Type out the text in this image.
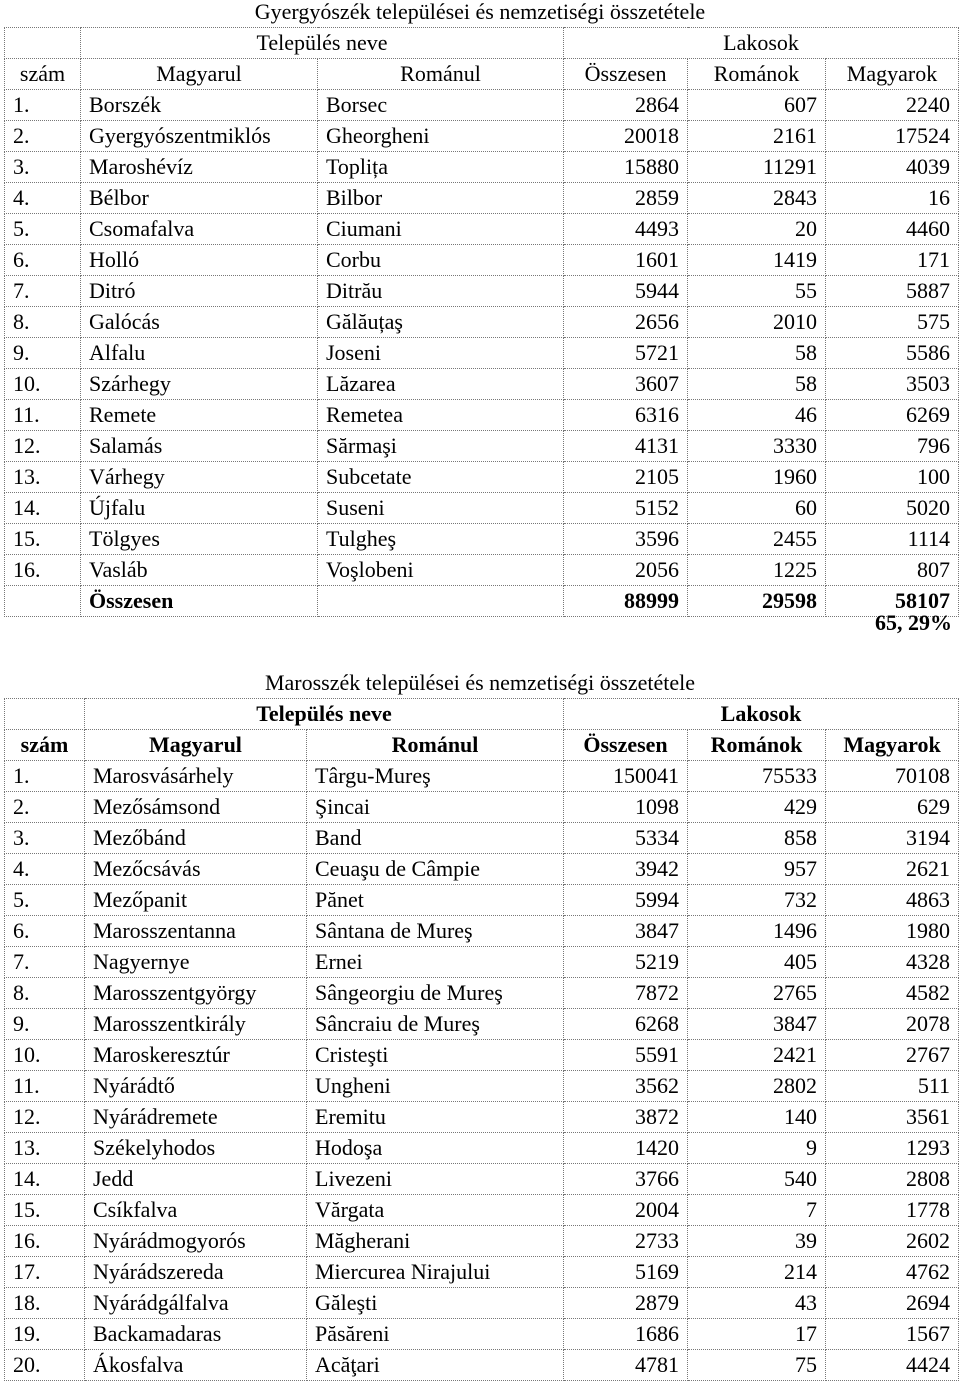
Gyergyószék települései és nemzetiségi összetétele
	Település neve		Lakosok		
szám	Magyarul	Románul	Összesen	Románok	Magyarok
1.	Borszék	Borsec	2864	607	2240
2.	Gyergyószentmiklós	Gheorgheni	20018	2161	17524
3.	Maroshévíz	Toplița	15880	11291	4039
4.	Bélbor	Bilbor	2859	2843	16
5.	Csomafalva	Ciumani	4493	20	4460
6.	Holló	Corbu	1601	1419	171
7.	Ditró	Ditrău	5944	55	5887
8.	Galócás	Gălăuțaş	2656	2010	575
9.	Alfalu	Joseni	5721	58	5586
10.	Szárhegy	Lăzarea	3607	58	3503
11.	Remete	Remetea	6316	46	6269
12.	Salamás	Sărmaşi	4131	3330	796
13.	Várhegy	Subcetate	2105	1960	100
14.	Újfalu	Suseni	5152	60	5020
15.	Tölgyes	Tulgheş	3596	2455	1114
16.	Vasláb	Voşlobeni	2056	1225	807
	Összesen		88999	29598	58107
65, 29%
Marosszék települései és nemzetiségi összetétele
	Település neve		Lakosok		
szám	Magyarul	Románul	Összesen	Románok	Magyarok
1.	Marosvásárhely	Târgu-Mureş	150041	75533	70108
2.	Mezősámsond	Şincai	1098	429	629
3.	Mezőbánd	Band	5334	858	3194
4.	Mezőcsávás	Ceuaşu de Câmpie	3942	957	2621
5.	Mezőpanit	Pănet	5994	732	4863
6.	Marosszentanna	Sântana de Mureş	3847	1496	1980
7.	Nagyernye	Ernei	5219	405	4328
8.	Marosszentgyörgy	Sângeorgiu de Mureş	7872	2765	4582
9.	Marosszentkirály	Sâncraiu de Mureş	6268	3847	2078
10.	Maroskeresztúr	Cristeşti	5591	2421	2767
11.	Nyárádtő	Ungheni	3562	2802	511
12.	Nyárádremete	Eremitu	3872	140	3561
13.	Székelyhodos	Hodoşa	1420	9	1293
14.	Jedd	Livezeni	3766	540	2808
15.	Csíkfalva	Vărgata	2004	7	1778
16.	Nyárádmogyorós	Măgherani	2733	39	2602
17.	Nyárádszereda	Miercurea Nirajului	5169	214	4762
18.	Nyárádgálfalva	Găleşti	2879	43	2694
19.	Backamadaras	Păsăreni	1686	17	1567
20.	Ákosfalva	Acăţari	4781	75	4424
